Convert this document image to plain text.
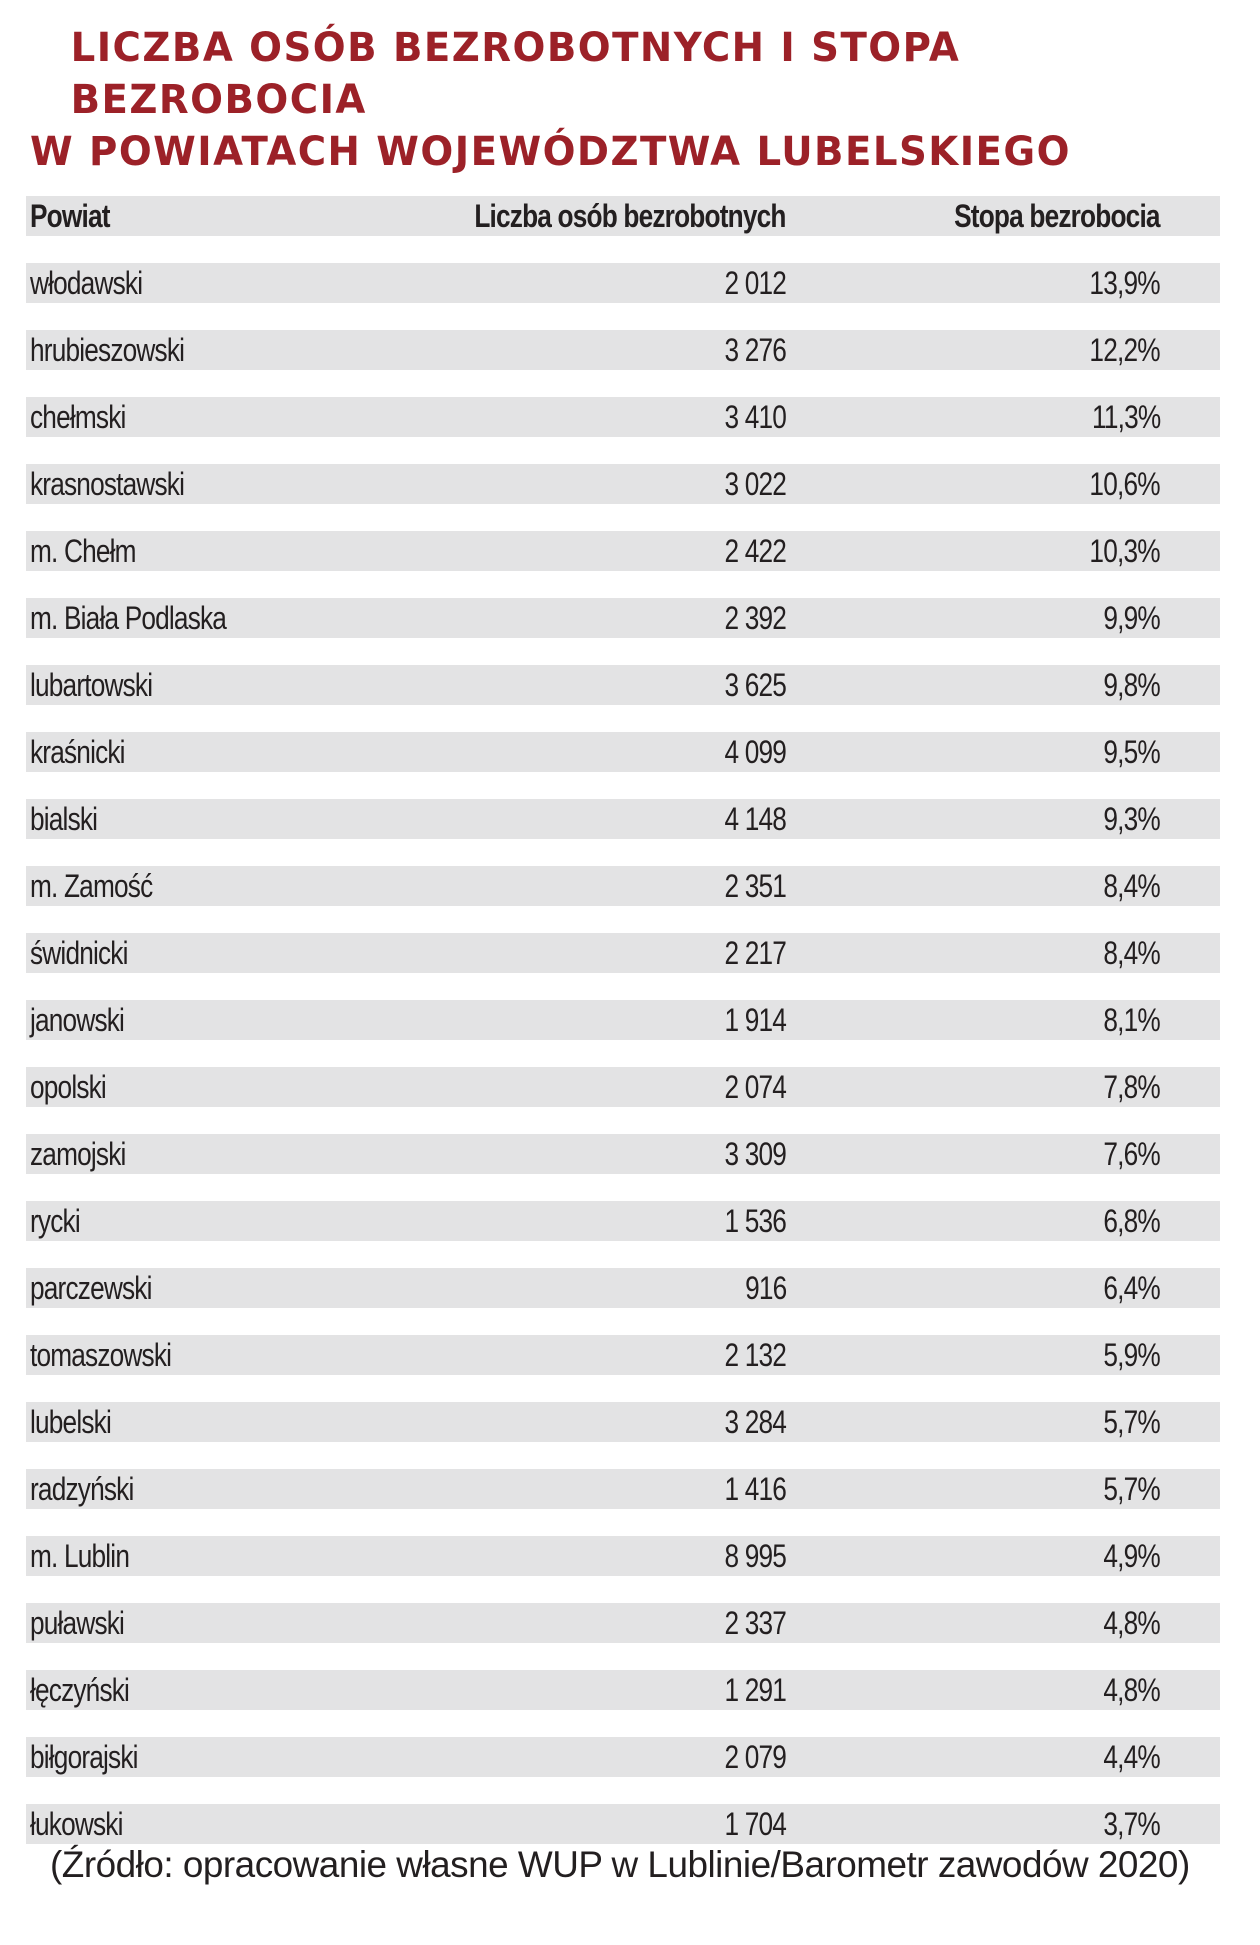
LICZBA OSÓB BEZROBOTNYCH I STOPA BEZROBOCIA
W POWIATACH WOJEWÓDZTWA LUBELSKIEGO
Powiat	Liczba osób bezrobotnych	Stopa bezrobocia
włodawski	2 012	13,9%
hrubieszowski	3 276	12,2%
chełmski	3 410	11,3%
krasnostawski	3 022	10,6%
m. Chełm	2 422	10,3%
m. Biała Podlaska	2 392	9,9%
lubartowski	3 625	9,8%
kraśnicki	4 099	9,5%
bialski	4 148	9,3%
m. Zamość	2 351	8,4%
świdnicki	2 217	8,4%
janowski	1 914	8,1%
opolski	2 074	7,8%
zamojski	3 309	7,6%
rycki	1 536	6,8%
parczewski	916	6,4%
tomaszowski	2 132	5,9%
lubelski	3 284	5,7%
radzyński	1 416	5,7%
m. Lublin	8 995	4,9%
puławski	2 337	4,8%
łęczyński	1 291	4,8%
biłgorajski	2 079	4,4%
łukowski	1 704	3,7%
(Źródło: opracowanie własne WUP w Lublinie/Barometr zawodów 2020)
